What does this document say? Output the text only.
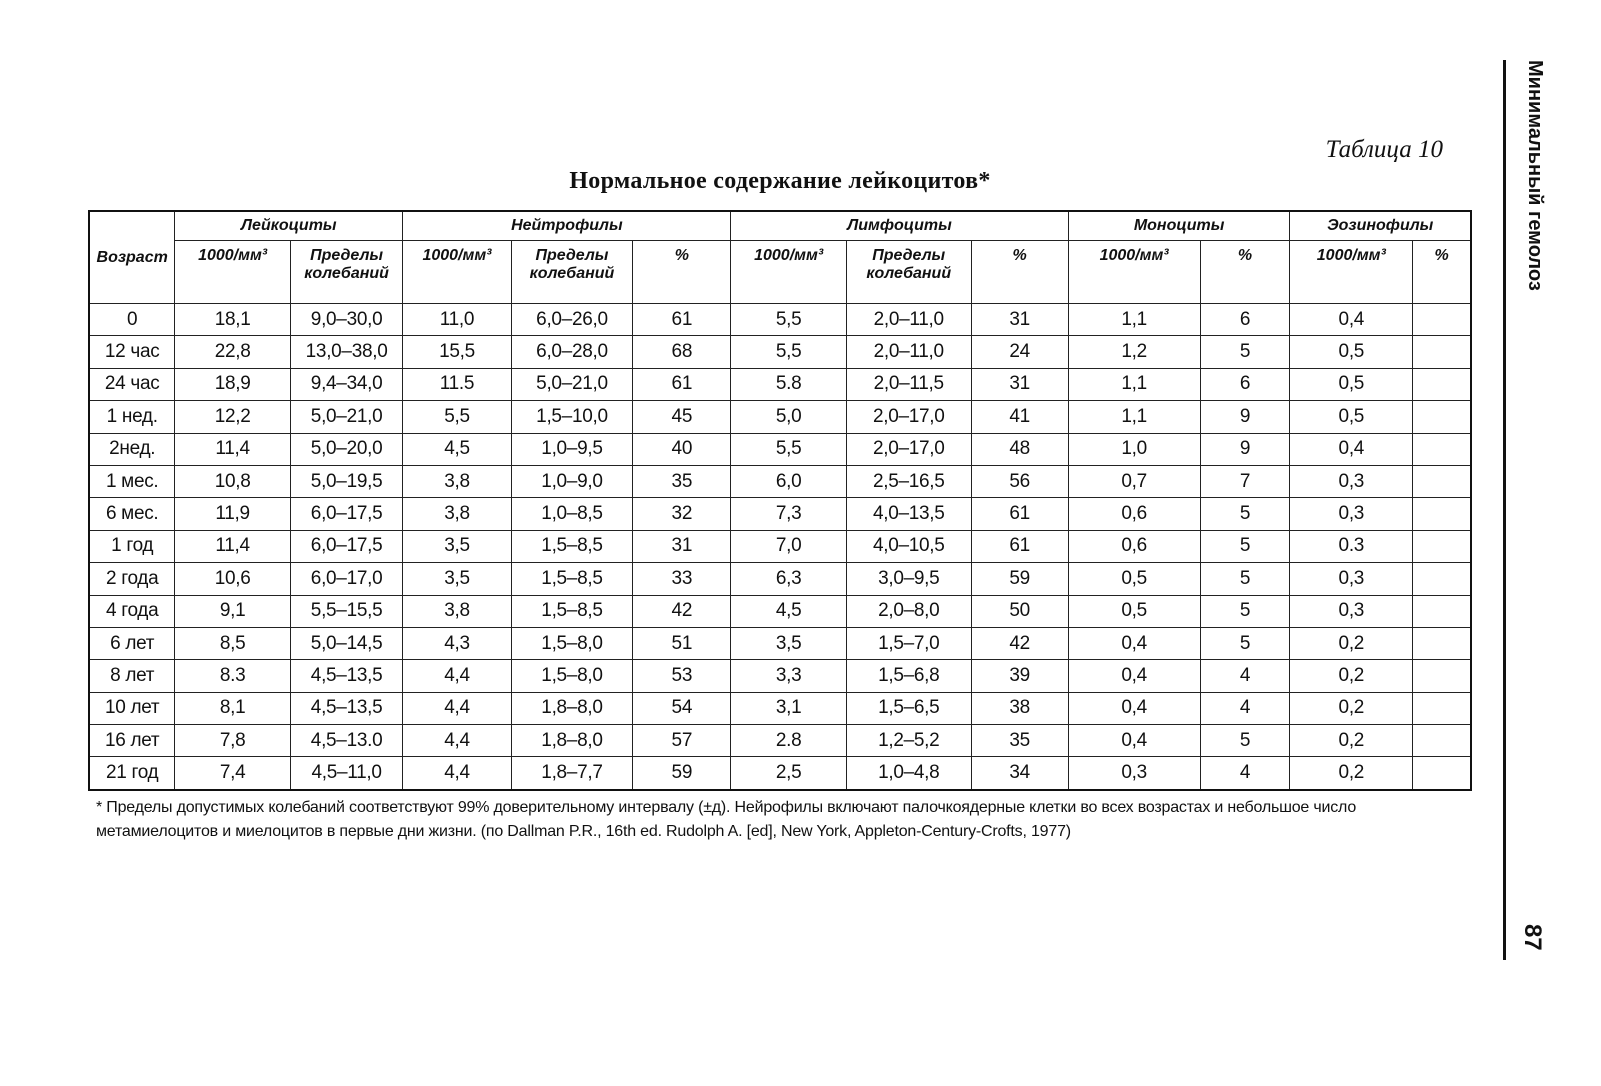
Таблица 10
Нормальное содержание лейкоцитов*
Возраст	Лейкоциты		Нейтрофилы			Лимфоциты			Моноциты		Эозинофилы	
	1000/мм³	Пределы колебаний	1000/мм³	Пределы колебаний	%	1000/мм³	Пределы колебаний	%	1000/мм³	%	1000/мм³	%
0	18,1	9,0–30,0	11,0	6,0–26,0	61	5,5	2,0–11,0	31	1,1	6	0,4	
12 час	22,8	13,0–38,0	15,5	6,0–28,0	68	5,5	2,0–11,0	24	1,2	5	0,5	
24 час	18,9	9,4–34,0	11.5	5,0–21,0	61	5.8	2,0–11,5	31	1,1	6	0,5	
1 нед.	12,2	5,0–21,0	5,5	1,5–10,0	45	5,0	2,0–17,0	41	1,1	9	0,5	
2нед.	11,4	5,0–20,0	4,5	1,0–9,5	40	5,5	2,0–17,0	48	1,0	9	0,4	
1 мес.	10,8	5,0–19,5	3,8	1,0–9,0	35	6,0	2,5–16,5	56	0,7	7	0,3	
6 мес.	11,9	6,0–17,5	3,8	1,0–8,5	32	7,3	4,0–13,5	61	0,6	5	0,3	
1 год	11,4	6,0–17,5	3,5	1,5–8,5	31	7,0	4,0–10,5	61	0,6	5	0.3	
2 года	10,6	6,0–17,0	3,5	1,5–8,5	33	6,3	3,0–9,5	59	0,5	5	0,3	
4 года	9,1	5,5–15,5	3,8	1,5–8,5	42	4,5	2,0–8,0	50	0,5	5	0,3	
6 лет	8,5	5,0–14,5	4,3	1,5–8,0	51	3,5	1,5–7,0	42	0,4	5	0,2	
8 лет	8.3	4,5–13,5	4,4	1,5–8,0	53	3,3	1,5–6,8	39	0,4	4	0,2	
10 лет	8,1	4,5–13,5	4,4	1,8–8,0	54	3,1	1,5–6,5	38	0,4	4	0,2	
16 лет	7,8	4,5–13.0	4,4	1,8–8,0	57	2.8	1,2–5,2	35	0,4	5	0,2	
21 год	7,4	4,5–11,0	4,4	1,8–7,7	59	2,5	1,0–4,8	34	0,3	4	0,2	
* Пределы допустимых колебаний соответствуют 99% доверительному интервалу (±д). Нейрофилы включают палочкоядерные клетки во всех возрастах и небольшое число метамиелоцитов и миелоцитов в первые дни жизни. (по Dallman P.R., 16th ed. Rudolph A. [ed], New York, Appleton-Century-Crofts, 1977)
Минимальный гемолоз
87
